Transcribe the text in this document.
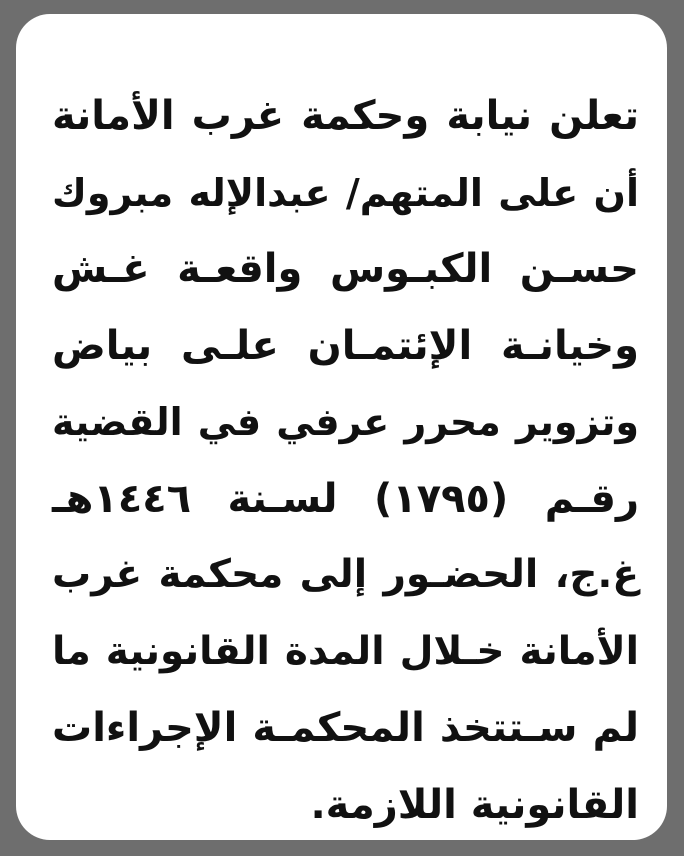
تعلن نيابة وحكمة غرب الأمانة
أن على المتهم/ عبدالإله مبروك
حسـن الكبـوس واقعـة غـش
وخيانـة الإئتمـان علـى بياض
وتزوير محرر عرفي في القضية
رقـم (١٧٩٥) لسـنة ١٤٤٦هـ
غ.ج، الحضـور إلى محكمة غرب
الأمانة خـلال المدة القانونية ما
لم سـتتخذ المحكمـة الإجراءات
القانونية اللازمة.
